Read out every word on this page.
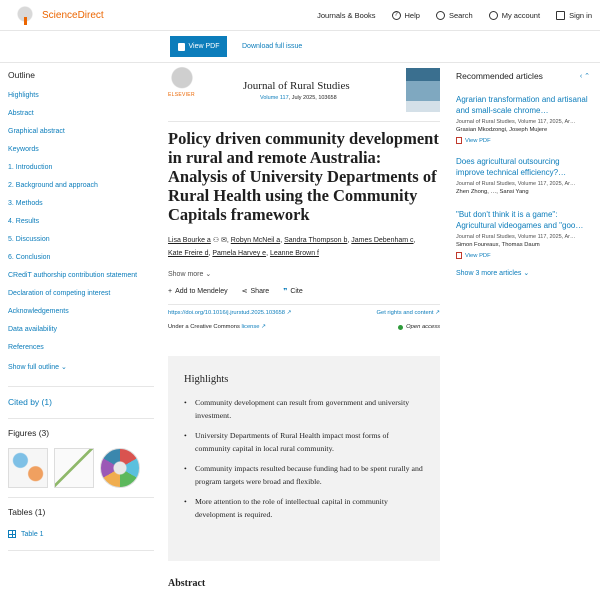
ScienceDirect	Journals & Books	? Help	Search	My account	Sign in
View PDF	Download full issue
Outline
Highlights
Abstract
Graphical abstract
Keywords
1. Introduction
2. Background and approach
3. Methods
4. Results
5. Discussion
6. Conclusion
CRediT authorship contribution statement
Declaration of competing interest
Acknowledgements
Data availability
References
Show full outline ⌄
Cited by (1)
Figures (3)
Tables (1)
Table 1
ELSEVIER
Journal of Rural Studies
Volume 117, July 2025, 103658
Policy driven community development in rural and remote Australia: Analysis of University Departments of Rural Health using the Community Capitals framework
Lisa Bourke a ⚇ ✉, Robyn McNeil a, Sandra Thompson b, James Debenham c,
Kate Freire d, Pamela Harvey e, Leanne Brown f
Show more ⌄
+ Add to Mendeley ⋖ Share ❞ Cite
https://doi.org/10.1016/j.jrurstud.2025.103658 ↗	Get rights and content ↗
Under a Creative Commons license ↗	Open access
Highlights
• Community development can result from government and university investment.
• University Departments of Rural Health impact most forms of community capital in local rural community.
• Community impacts resulted because funding had to be spent rurally and program targets were broad and flexible.
• More attention to the role of intellectual capital in community development is required.
Abstract
Recommended articles	‹ ⌃
Agrarian transformation and artisanal and small-scale chrome…
Journal of Rural Studies, Volume 117, 2025, Ar…
Grasian Mkodzongi, Joseph Mujere
View PDF
Does agricultural outsourcing improve technical efficiency?…
Journal of Rural Studies, Volume 117, 2025, Ar…
Zhen Zhong, …, Sansi Yang
"But don't think it is a game": Agricultural videogames and "goo…
Journal of Rural Studies, Volume 117, 2025, Ar…
Simon Foureaux, Thomas Daum
View PDF
Show 3 more articles ⌄
